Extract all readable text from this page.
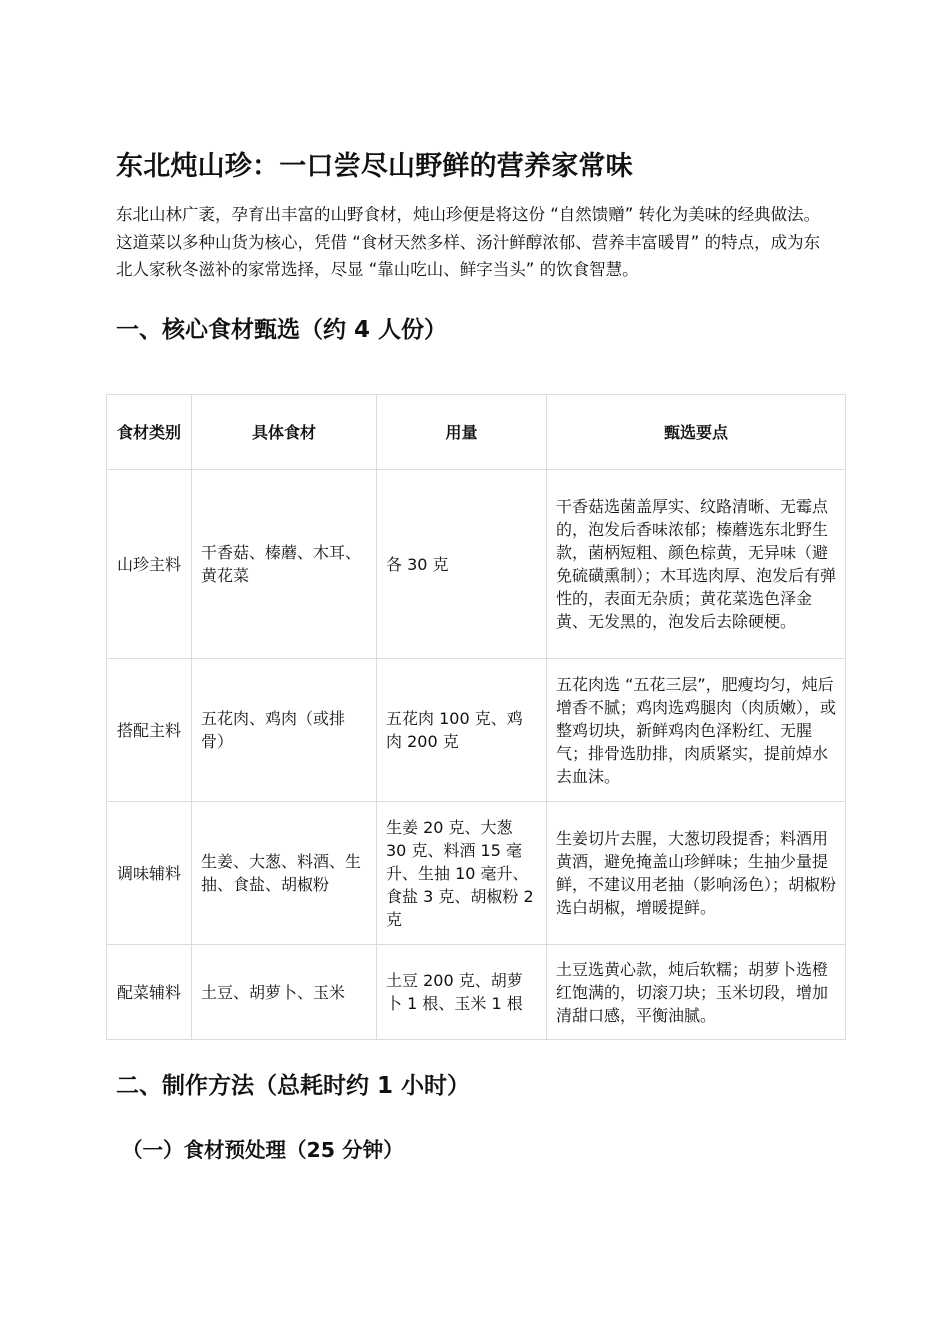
东北炖山珍：一口尝尽山野鲜的营养家常味

东北山林广袤，孕育出丰富的山野食材，炖山珍便是将这份 “自然馈赠” 转化为美味的经典做法。这道菜以多种山货为核心，凭借 “食材天然多样、汤汁鲜醇浓郁、营养丰富暖胃” 的特点，成为东北人家秋冬滋补的家常选择，尽显 “靠山吃山、鲜字当头” 的饮食智慧。

一、核心食材甄选（约 4 人份）
二、制作方法（总耗时约 1 小时）
（一）食材预处理（25 分钟）
食材类别	具体食材	用量	甄选要点
山珍主料	干香菇、榛蘑、木耳、黄花菜	各 30 克	干香菇选菌盖厚实、纹路清晰、无霉点的，泡发后香味浓郁；榛蘑选东北野生款，菌柄短粗、颜色棕黄，无异味（避免硫磺熏制）；木耳选肉厚、泡发后有弹性的，表面无杂质；黄花菜选色泽金黄、无发黑的，泡发后去除硬梗。
搭配主料	五花肉、鸡肉（或排骨）	五花肉 100 克、鸡肉 200 克	五花肉选 “五花三层”，肥瘦均匀，炖后增香不腻；鸡肉选鸡腿肉（肉质嫩），或整鸡切块，新鲜鸡肉色泽粉红、无腥气；排骨选肋排，肉质紧实，提前焯水去血沫。
调味辅料	生姜、大葱、料酒、生抽、食盐、胡椒粉	生姜 20 克、大葱 30 克、料酒 15 毫升、生抽 10 毫升、食盐 3 克、胡椒粉 2 克	生姜切片去腥，大葱切段提香；料酒用黄酒，避免掩盖山珍鲜味；生抽少量提鲜，不建议用老抽（影响汤色）；胡椒粉选白胡椒，增暖提鲜。
配菜辅料	土豆、胡萝卜、玉米	土豆 200 克、胡萝卜 1 根、玉米 1 根	土豆选黄心款，炖后软糯；胡萝卜选橙红饱满的，切滚刀块；玉米切段，增加清甜口感，平衡油腻。
